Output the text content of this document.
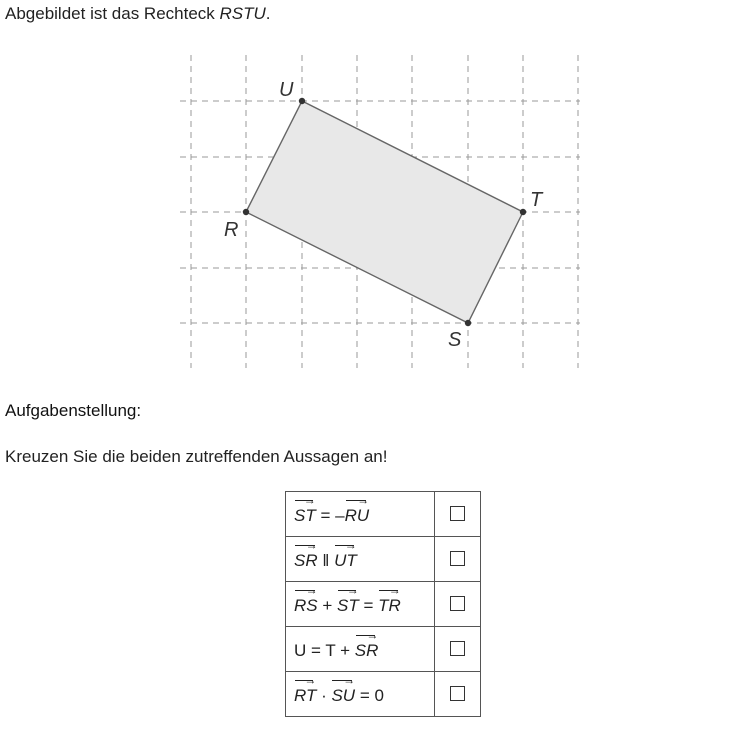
Abgebildet ist das Rechteck RSTU.
R
S
T
U
Aufgabenstellung:
Kreuzen Sie die beiden zutreffenden Aussagen an!
ST → = –RU →	
SR → ǁ UT →	
RS → + ST → = TR →	
U = T + SR →	
RT → · SU → = 0	
